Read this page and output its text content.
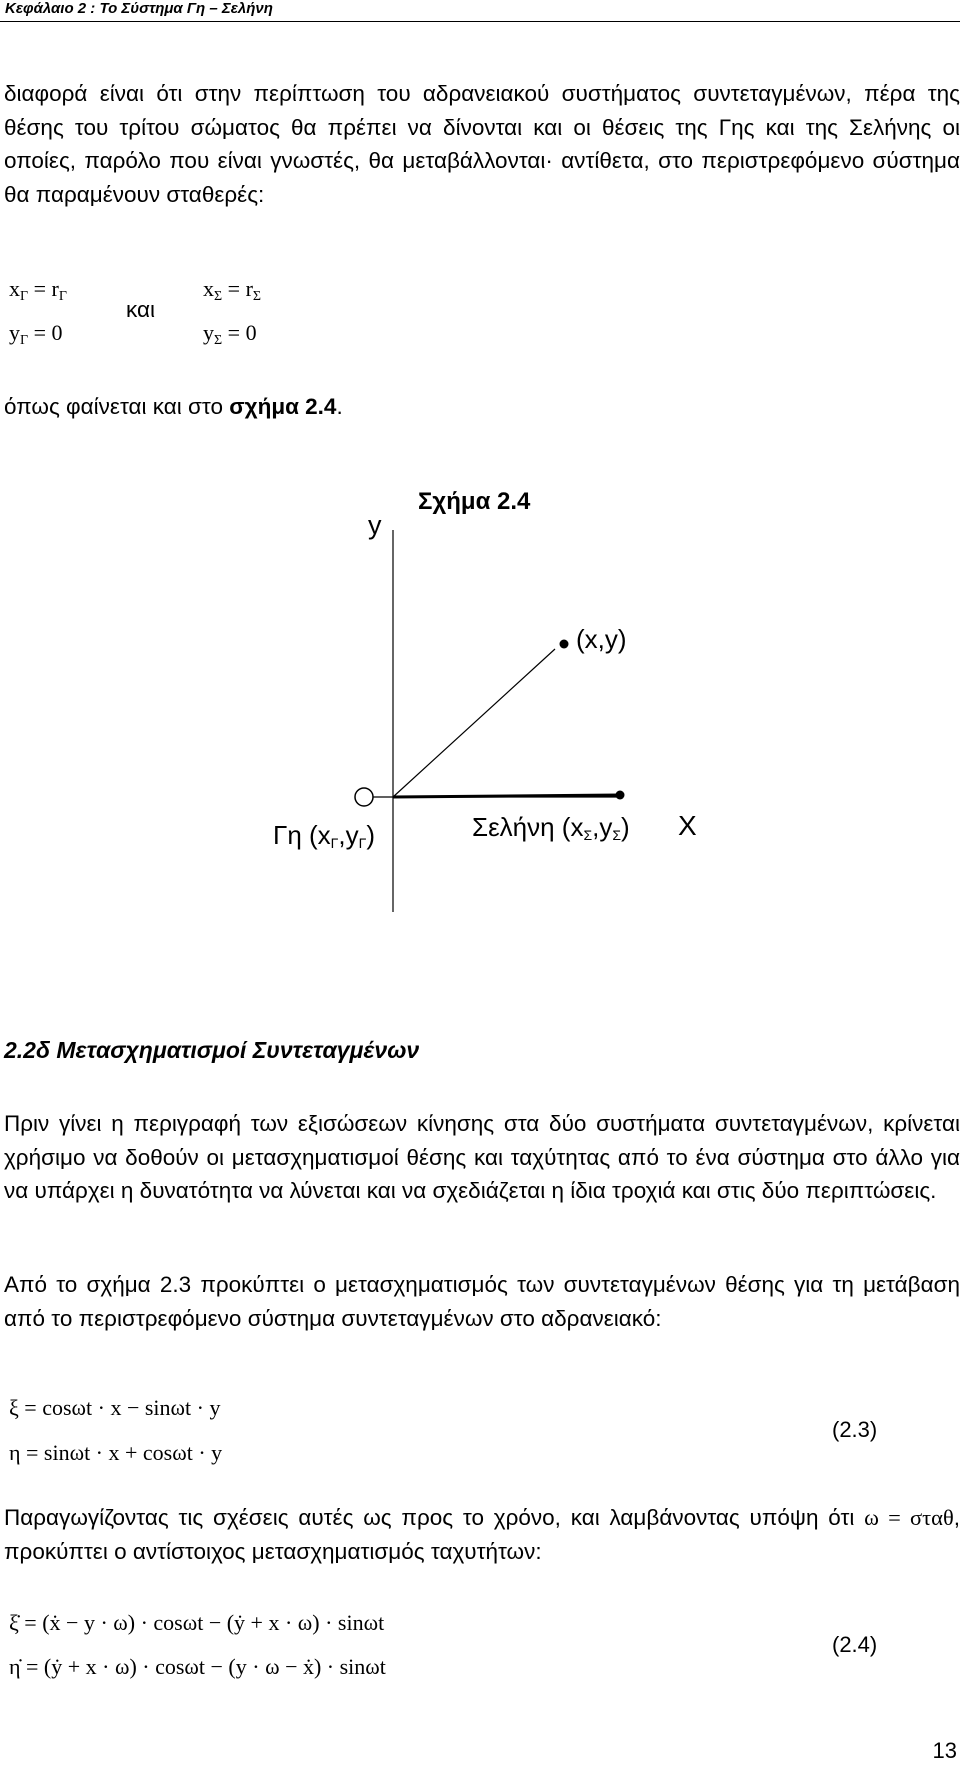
Κεφάλαιο 2 : Το Σύστημα Γη – Σελήνη

διαφορά είναι ότι στην περίπτωση του αδρανειακού συστήματος συντεταγμένων, πέρα της θέσης του τρίτου σώματος θα πρέπει να δίνονται και οι θέσεις της Γης και της Σελήνης οι οποίες, παρόλο που είναι γνωστές, θα μεταβάλλονται· αντίθετα, στο περιστρεφόμενο σύστημα θα παραμένουν σταθερές:

$x_\Gamma = r_\Gamma$
$y_\Gamma = 0$
και
$x_\Sigma = r_\Sigma$
$y_\Sigma = 0$
όπως φαίνεται και στο σχήμα 2.4.
y
Σχήμα 2.4
(x,y)
Γη $(x_\Gamma,y_\Gamma)$	Σελήνη $(x_\Sigma,y_\Sigma)$ X
2.2δ Μετασχηματισμοί Συντεταγμένων

Πριν γίνει η περιγραφή των εξισώσεων κίνησης στα δύο συστήματα συντεταγμένων, κρίνεται χρήσιμο να δοθούν οι μετασχηματισμοί θέσης και ταχύτητας από το ένα σύστημα στο άλλο για να υπάρχει η δυνατότητα να λύνεται και να σχεδιάζεται η ίδια τροχιά και στις δύο περιπτώσεις.

Από το σχήμα 2.3 προκύπτει ο μετασχηματισμός των συντεταγμένων θέσης για τη μετάβαση από το περιστρεφόμενο σύστημα συντεταγμένων στο αδρανειακό:

ξ = cosωt · x − sinωt · y
η = sinωt · x + cosωt · y
(2.3)

Παραγωγίζοντας τις σχέσεις αυτές ως προς το χρόνο, και λαμβάνοντας υπόψη ότι ω = σταθ, προκύπτει ο αντίστοιχος μετασχηματισμός ταχυτήτων:

ξ̇ = (ẋ − y · ω) · cosωt − (ẏ + x · ω) · sinωt
η̇ = (ẏ + x · ω) · cosωt − (y · ω − ẋ) · sinωt
(2.4)
13
